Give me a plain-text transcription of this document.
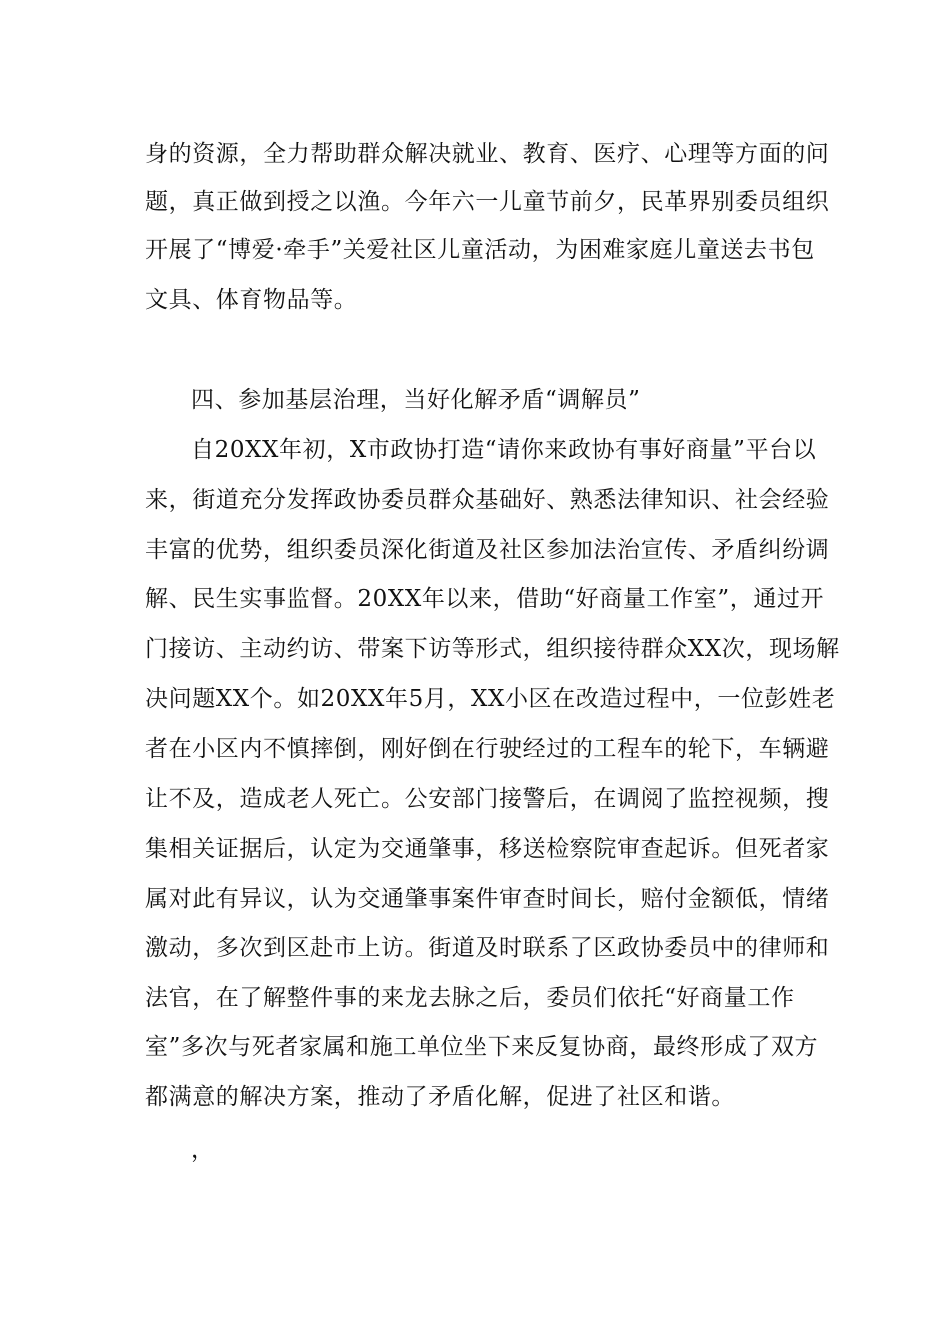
身的资源，全力帮助群众解决就业、教育、医疗、心理等方面的问

题，真正做到授之以渔。今年六一儿童节前夕，民革界别委员组织

开展了“博爱·牵手”关爱社区儿童活动，为困难家庭儿童送去书包

文具、体育物品等。

四、参加基层治理，当好化解矛盾“调解员”

自20XX年初，X市政协打造“请你来政协有事好商量”平台以

来，街道充分发挥政协委员群众基础好、熟悉法律知识、社会经验

丰富的优势，组织委员深化街道及社区参加法治宣传、矛盾纠纷调

解、民生实事监督。20XX年以来，借助“好商量工作室”，通过开

门接访、主动约访、带案下访等形式，组织接待群众XX次，现场解

决问题XX个。如20XX年5月，XX小区在改造过程中，一位彭姓老

者在小区内不慎摔倒，刚好倒在行驶经过的工程车的轮下，车辆避

让不及，造成老人死亡。公安部门接警后，在调阅了监控视频，搜

集相关证据后，认定为交通肇事，移送检察院审查起诉。但死者家

属对此有异议，认为交通肇事案件审查时间长，赔付金额低，情绪

激动，多次到区赴市上访。街道及时联系了区政协委员中的律师和

法官，在了解整件事的来龙去脉之后，委员们依托“好商量工作

室”多次与死者家属和施工单位坐下来反复协商，最终形成了双方

都满意的解决方案，推动了矛盾化解，促进了社区和谐。

，
